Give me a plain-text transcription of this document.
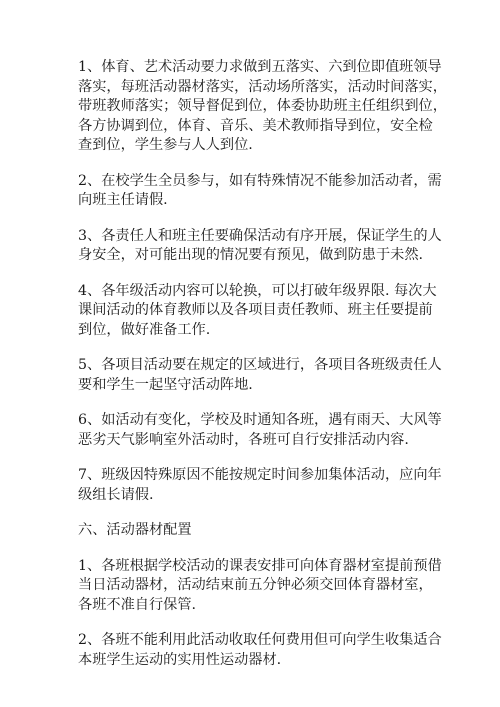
1、体育、艺术活动要力求做到五落实、六到位即值班领导
落实，每班活动器材落实，活动场所落实，活动时间落实，
带班教师落实；领导督促到位，体委协助班主任组织到位，
各方协调到位，体育、音乐、美术教师指导到位，安全检
查到位，学生参与人人到位.
2、在校学生全员参与，如有特殊情况不能参加活动者，需
向班主任请假.
3、各责任人和班主任要确保活动有序开展，保证学生的人
身安全，对可能出现的情况要有预见，做到防患于未然.
4、各年级活动内容可以轮换，可以打破年级界限. 每次大
课间活动的体育教师以及各项目责任教师、班主任要提前
到位，做好准备工作.
5、各项目活动要在规定的区域进行，各项目各班级责任人
要和学生一起坚守活动阵地.
6、如活动有变化，学校及时通知各班，遇有雨天、大风等
恶劣天气影响室外活动时，各班可自行安排活动内容.
7、班级因特殊原因不能按规定时间参加集体活动，应向年
级组长请假.
六、活动器材配置
1、各班根据学校活动的课表安排可向体育器材室提前预借
当日活动器材，活动结束前五分钟必须交回体育器材室，
各班不准自行保管.
2、各班不能利用此活动收取任何费用但可向学生收集适合
本班学生运动的实用性运动器材.
